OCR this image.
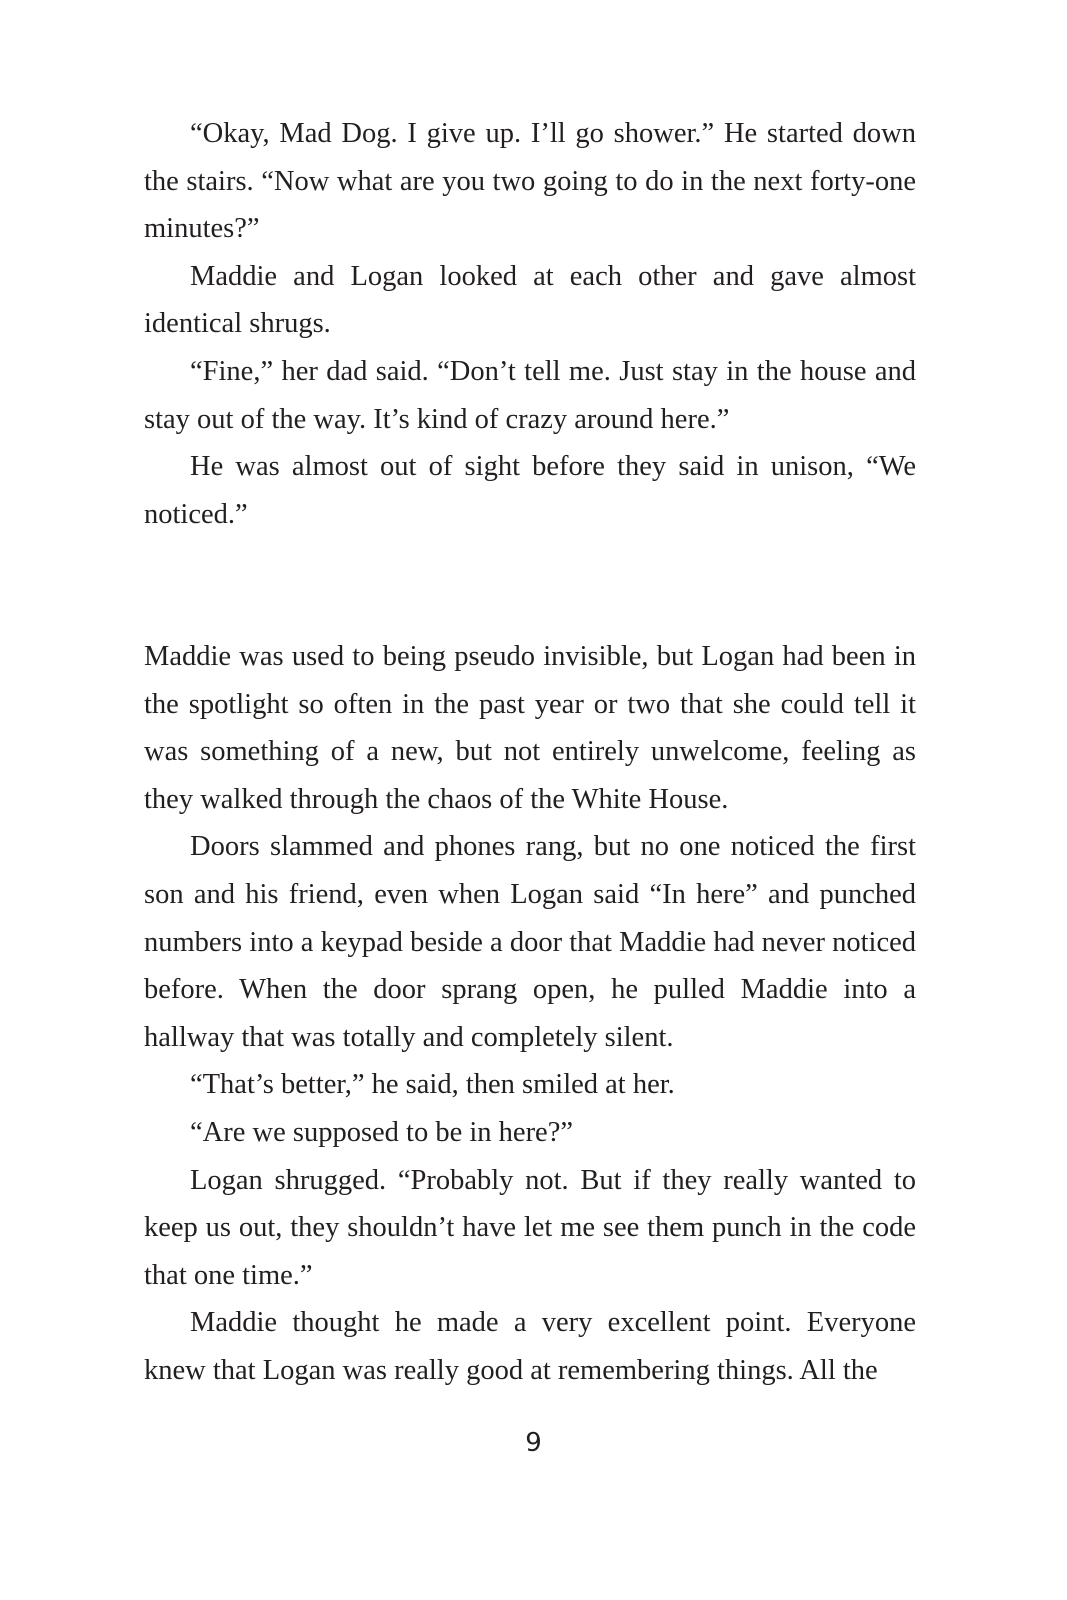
“Okay, Mad Dog. I give up. I’ll go shower.” He started down the stairs. “Now what are you two going to do in the next forty-one minutes?”

Maddie and Logan looked at each other and gave almost identical shrugs.

“Fine,” her dad said. “Don’t tell me. Just stay in the house and stay out of the way. It’s kind of crazy around here.”

He was almost out of sight before they said in unison, “We noticed.”

Maddie was used to being pseudo invisible, but Logan had been in the spotlight so often in the past year or two that she could tell it was something of a new, but not entirely unwelcome, feeling as they walked through the chaos of the White House.

Doors slammed and phones rang, but no one noticed the first son and his friend, even when Logan said “In here” and punched numbers into a keypad beside a door that Maddie had never noticed before. When the door sprang open, he pulled Maddie into a hallway that was totally and completely silent.

“That’s better,” he said, then smiled at her.

“Are we supposed to be in here?”

Logan shrugged. “Probably not. But if they really wanted to keep us out, they shouldn’t have let me see them punch in the code that one time.”

Maddie thought he made a very excellent point. Everyone knew that Logan was really good at remembering things. All the

9
